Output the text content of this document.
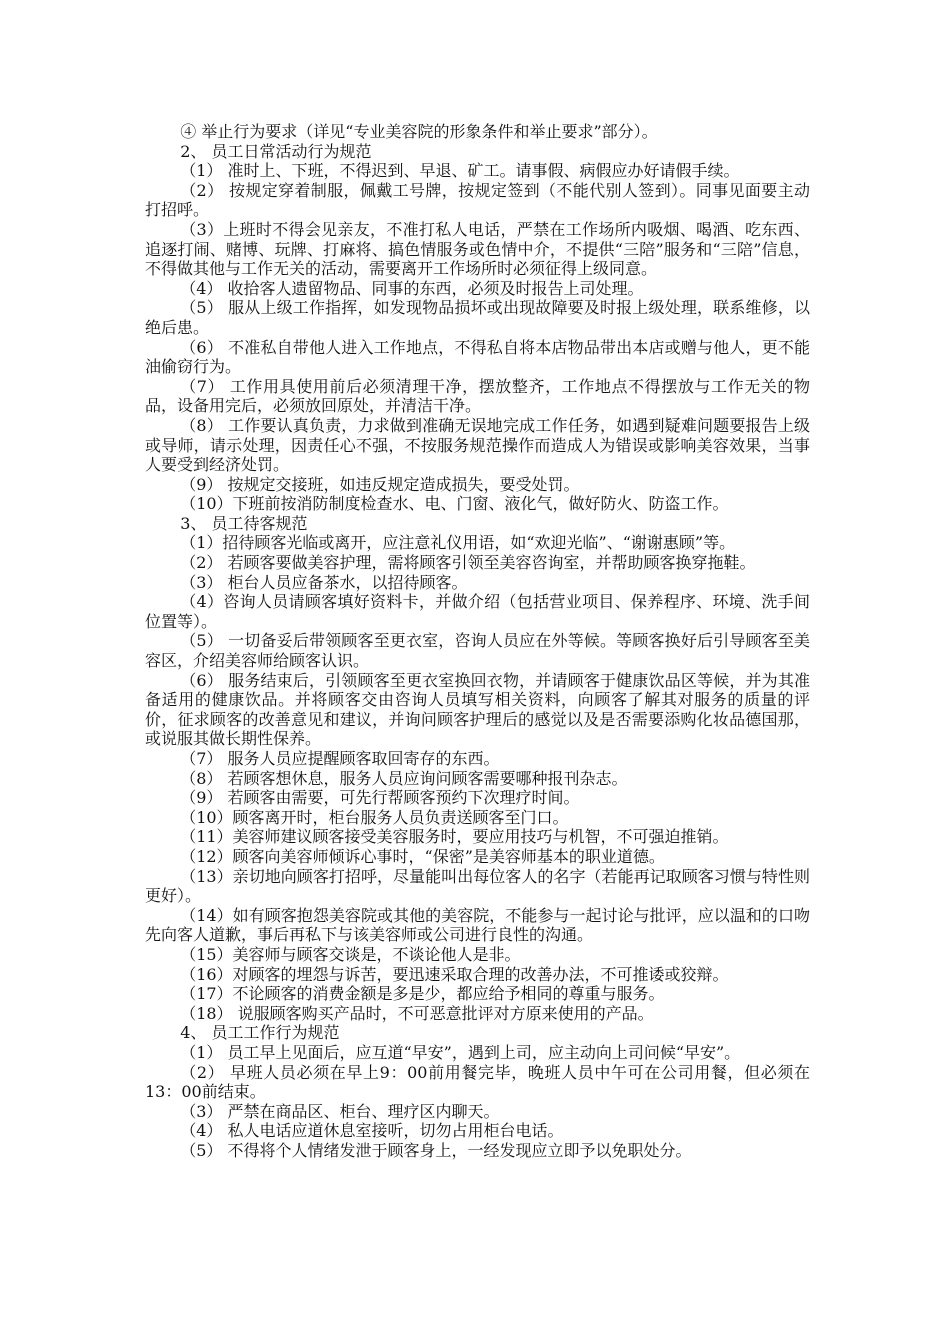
④ 举止行为要求（详见“专业美容院的形象条件和举止要求”部分）。

2、 员工日常活动行为规范

（1） 准时上、下班，不得迟到、早退、矿工。请事假、病假应办好请假手续。

（2） 按规定穿着制服，佩戴工号牌，按规定签到（不能代别人签到）。同事见面要主动打招呼。

（3）上班时不得会见亲友，不准打私人电话，严禁在工作场所内吸烟、喝酒、吃东西、追逐打闹、赌博、玩牌、打麻将、搞色情服务或色情中介，不提供“三陪”服务和“三陪”信息，不得做其他与工作无关的活动，需要离开工作场所时必须征得上级同意。

（4） 收拾客人遗留物品、同事的东西，必须及时报告上司处理。

（5） 服从上级工作指挥，如发现物品损坏或出现故障要及时报上级处理，联系维修，以绝后患。

（6） 不准私自带他人进入工作地点，不得私自将本店物品带出本店或赠与他人，更不能油偷窃行为。

（7） 工作用具使用前后必须清理干净，摆放整齐，工作地点不得摆放与工作无关的物品，设备用完后，必须放回原处，并清洁干净。

（8） 工作要认真负责，力求做到准确无误地完成工作任务，如遇到疑难问题要报告上级或导师，请示处理，因责任心不强，不按服务规范操作而造成人为错误或影响美容效果，当事人要受到经济处罚。

（9） 按规定交接班，如违反规定造成损失，要受处罚。

（10）下班前按消防制度检查水、电、门窗、液化气，做好防火、防盗工作。

3、 员工待客规范

（1）招待顾客光临或离开，应注意礼仪用语，如“欢迎光临”、“谢谢惠顾”等。

（2） 若顾客要做美容护理，需将顾客引领至美容咨询室，并帮助顾客换穿拖鞋。

（3） 柜台人员应备茶水，以招待顾客。

（4）咨询人员请顾客填好资料卡，并做介绍（包括营业项目、保养程序、环境、洗手间位置等）。

（5） 一切备妥后带领顾客至更衣室，咨询人员应在外等候。等顾客换好后引导顾客至美容区，介绍美容师给顾客认识。

（6） 服务结束后，引领顾客至更衣室换回衣物，并请顾客于健康饮品区等候，并为其准备适用的健康饮品。并将顾客交由咨询人员填写相关资料，向顾客了解其对服务的质量的评价，征求顾客的改善意见和建议，并询问顾客护理后的感觉以及是否需要添购化妆品德国那，或说服其做长期性保养。

（7） 服务人员应提醒顾客取回寄存的东西。

（8） 若顾客想休息，服务人员应询问顾客需要哪种报刊杂志。

（9） 若顾客由需要，可先行帮顾客预约下次理疗时间。

（10）顾客离开时，柜台服务人员负责送顾客至门口。

（11）美容师建议顾客接受美容服务时，要应用技巧与机智，不可强迫推销。

（12）顾客向美容师倾诉心事时，“保密”是美容师基本的职业道德。

（13）亲切地向顾客打招呼，尽量能叫出每位客人的名字（若能再记取顾客习惯与特性则更好）。

（14）如有顾客抱怨美容院或其他的美容院，不能参与一起讨论与批评，应以温和的口吻先向客人道歉，事后再私下与该美容师或公司进行良性的沟通。

（15）美容师与顾客交谈是，不谈论他人是非。

（16）对顾客的埋怨与诉苦，要迅速采取合理的改善办法，不可推诿或狡辩。

（17）不论顾客的消费金额是多是少，都应给予相同的尊重与服务。

（18） 说服顾客购买产品时，不可恶意批评对方原来使用的产品。

4、 员工工作行为规范

（1） 员工早上见面后，应互道“早安”，遇到上司，应主动向上司问候“早安”。

（2） 早班人员必须在早上9：00前用餐完毕，晚班人员中午可在公司用餐，但必须在13：00前结束。

（3） 严禁在商品区、柜台、理疗区内聊天。

（4） 私人电话应道休息室接听，切勿占用柜台电话。

（5） 不得将个人情绪发泄于顾客身上，一经发现应立即予以免职处分。
